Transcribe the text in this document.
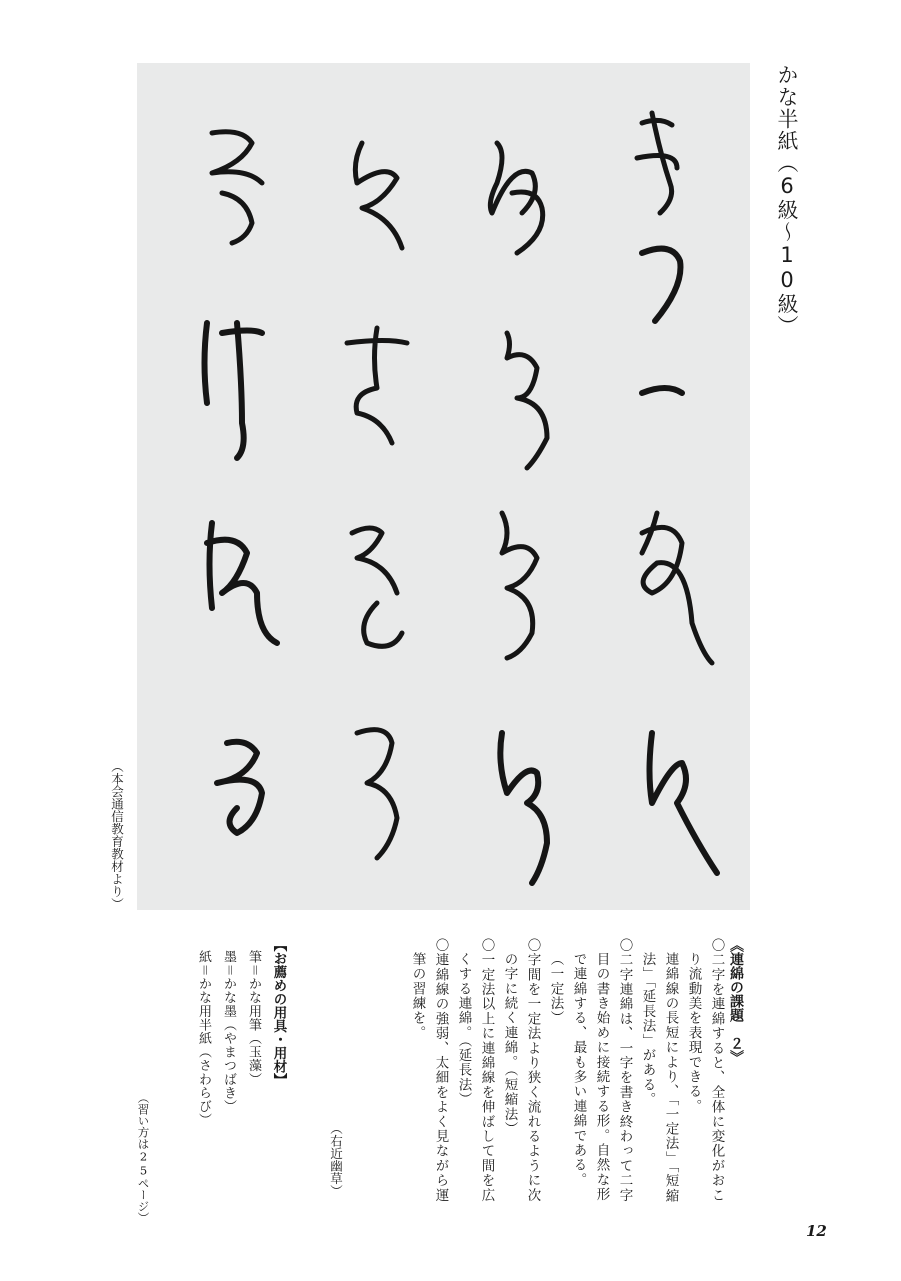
かな半紙（6級〜10級）
（本会通信教育教材より）
《連綿の課題　２》
〇二字を連綿すると、全体に変化がおこ
り流動美を表現できる。
連綿線の長短により、「一定法」「短縮
法」「延長法」がある。
〇二字連綿は、一字を書き終わって二字
目の書き始めに接続する形。自然な形
で連綿する、最も多い連綿である。
（一定法）
〇字間を一定法より狭く流れるように次
の字に続く連綿。（短縮法）
〇一定法以上に連綿線を伸ばして間を広
くする連綿。（延長法）
〇連綿線の強弱、太細をよく見ながら運
筆の習練を。
（右近幽草）
【お薦めの用具・用材】
筆＝かな用筆（玉藻）
墨＝かな墨（やまつばき）
紙＝かな用半紙（さわらび）
（習い方は25ページ）
12
